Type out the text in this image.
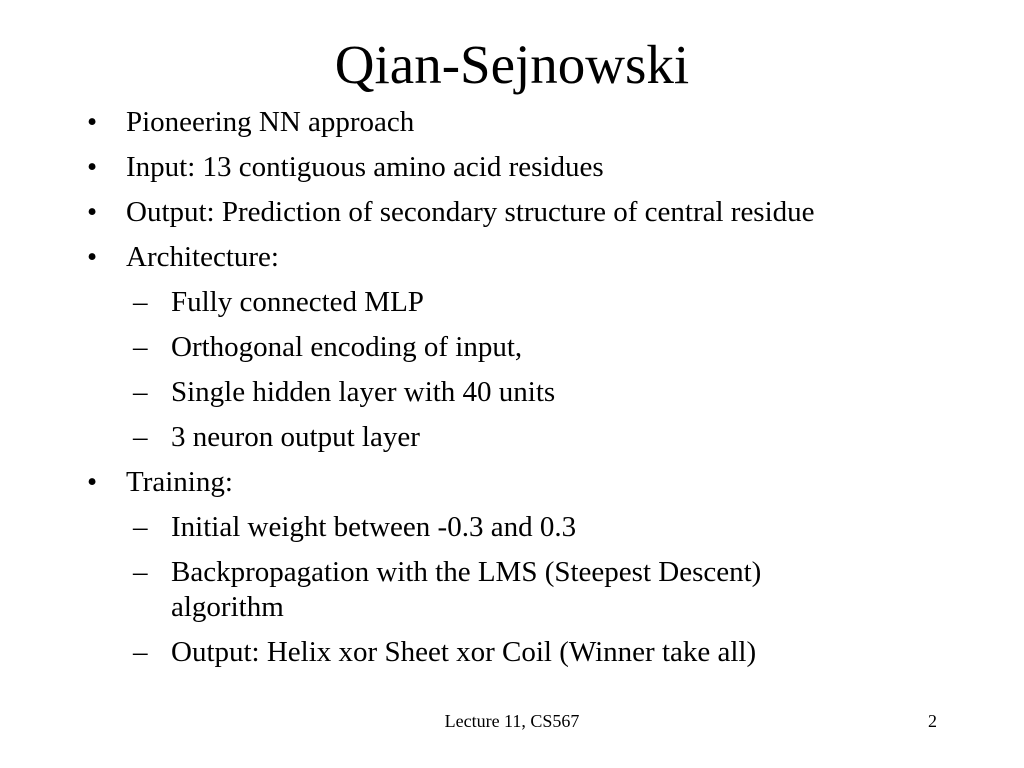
Qian-Sejnowski
• Pioneering NN approach
• Input: 13 contiguous amino acid residues
• Output: Prediction of secondary structure of central residue
• Architecture:
– Fully connected MLP
– Orthogonal encoding of input,
– Single hidden layer with 40 units
– 3 neuron output layer
• Training:
– Initial weight between -0.3 and 0.3
– Backpropagation with the LMS (Steepest Descent) algorithm
– Output: Helix xor Sheet xor Coil (Winner take all)
Lecture 11, CS567	2
